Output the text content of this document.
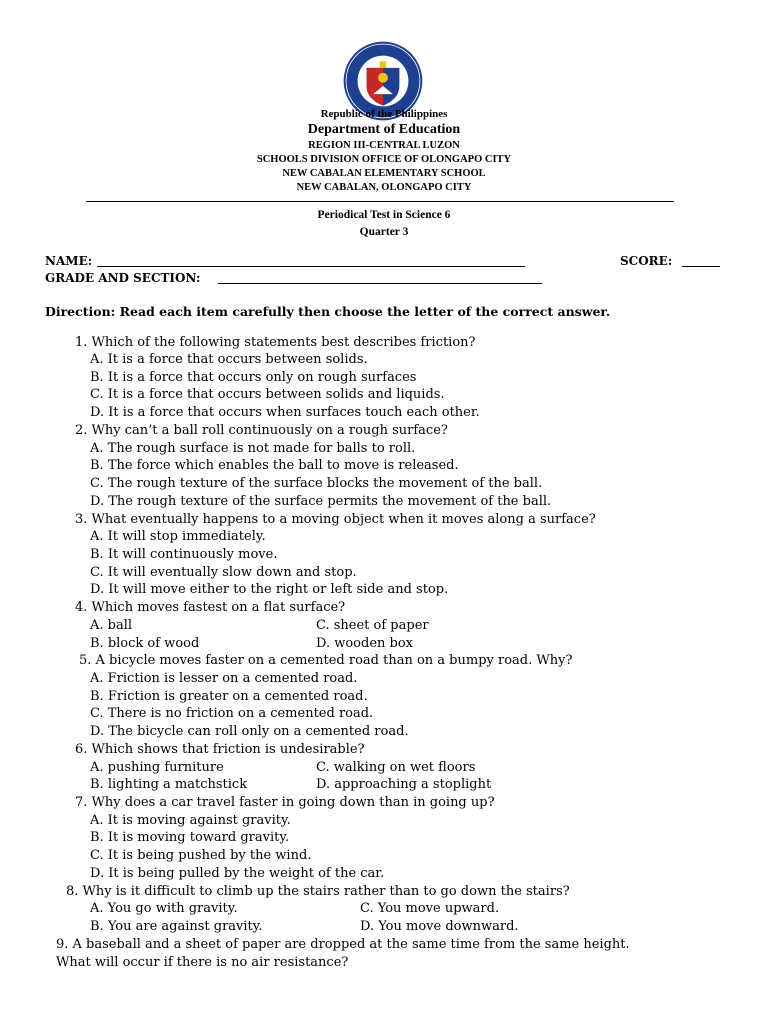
Republic of the Philippines
Department of Education
REGION III-CENTRAL LUZON
SCHOOLS DIVISION OFFICE OF OLONGAPO CITY
NEW CABALAN ELEMENTARY SCHOOL
NEW CABALAN, OLONGAPO CITY
Periodical Test in Science 6
Quarter 3
NAME:	SCORE:
GRADE AND SECTION:
Direction: Read each item carefully then choose the letter of the correct answer.
1. Which of the following statements best describes friction?
A. It is a force that occurs between solids.
B. It is a force that occurs only on rough surfaces
C. It is a force that occurs between solids and liquids.
D. It is a force that occurs when surfaces touch each other.
2. Why can’t a ball roll continuously on a rough surface?
A. The rough surface is not made for balls to roll.
B. The force which enables the ball to move is released.
C. The rough texture of the surface blocks the movement of the ball.
D. The rough texture of the surface permits the movement of the ball.
3. What eventually happens to a moving object when it moves along a surface?
A. It will stop immediately.
B. It will continuously move.
C. It will eventually slow down and stop.
D. It will move either to the right or left side and stop.
4. Which moves fastest on a flat surface?
A. ball	C. sheet of paper
B. block of wood	D. wooden box
5. A bicycle moves faster on a cemented road than on a bumpy road. Why?
A. Friction is lesser on a cemented road.
B. Friction is greater on a cemented road.
C. There is no friction on a cemented road.
D. The bicycle can roll only on a cemented road.
6. Which shows that friction is undesirable?
A. pushing furniture	C. walking on wet floors
B. lighting a matchstick	D. approaching a stoplight
7. Why does a car travel faster in going down than in going up?
A. It is moving against gravity.
B. It is moving toward gravity.
C. It is being pushed by the wind.
D. It is being pulled by the weight of the car.
8. Why is it difficult to climb up the stairs rather than to go down the stairs?
A. You go with gravity.	C. You move upward.
B. You are against gravity.	D. You move downward.
9. A baseball and a sheet of paper are dropped at the same time from the same height.
What will occur if there is no air resistance?
